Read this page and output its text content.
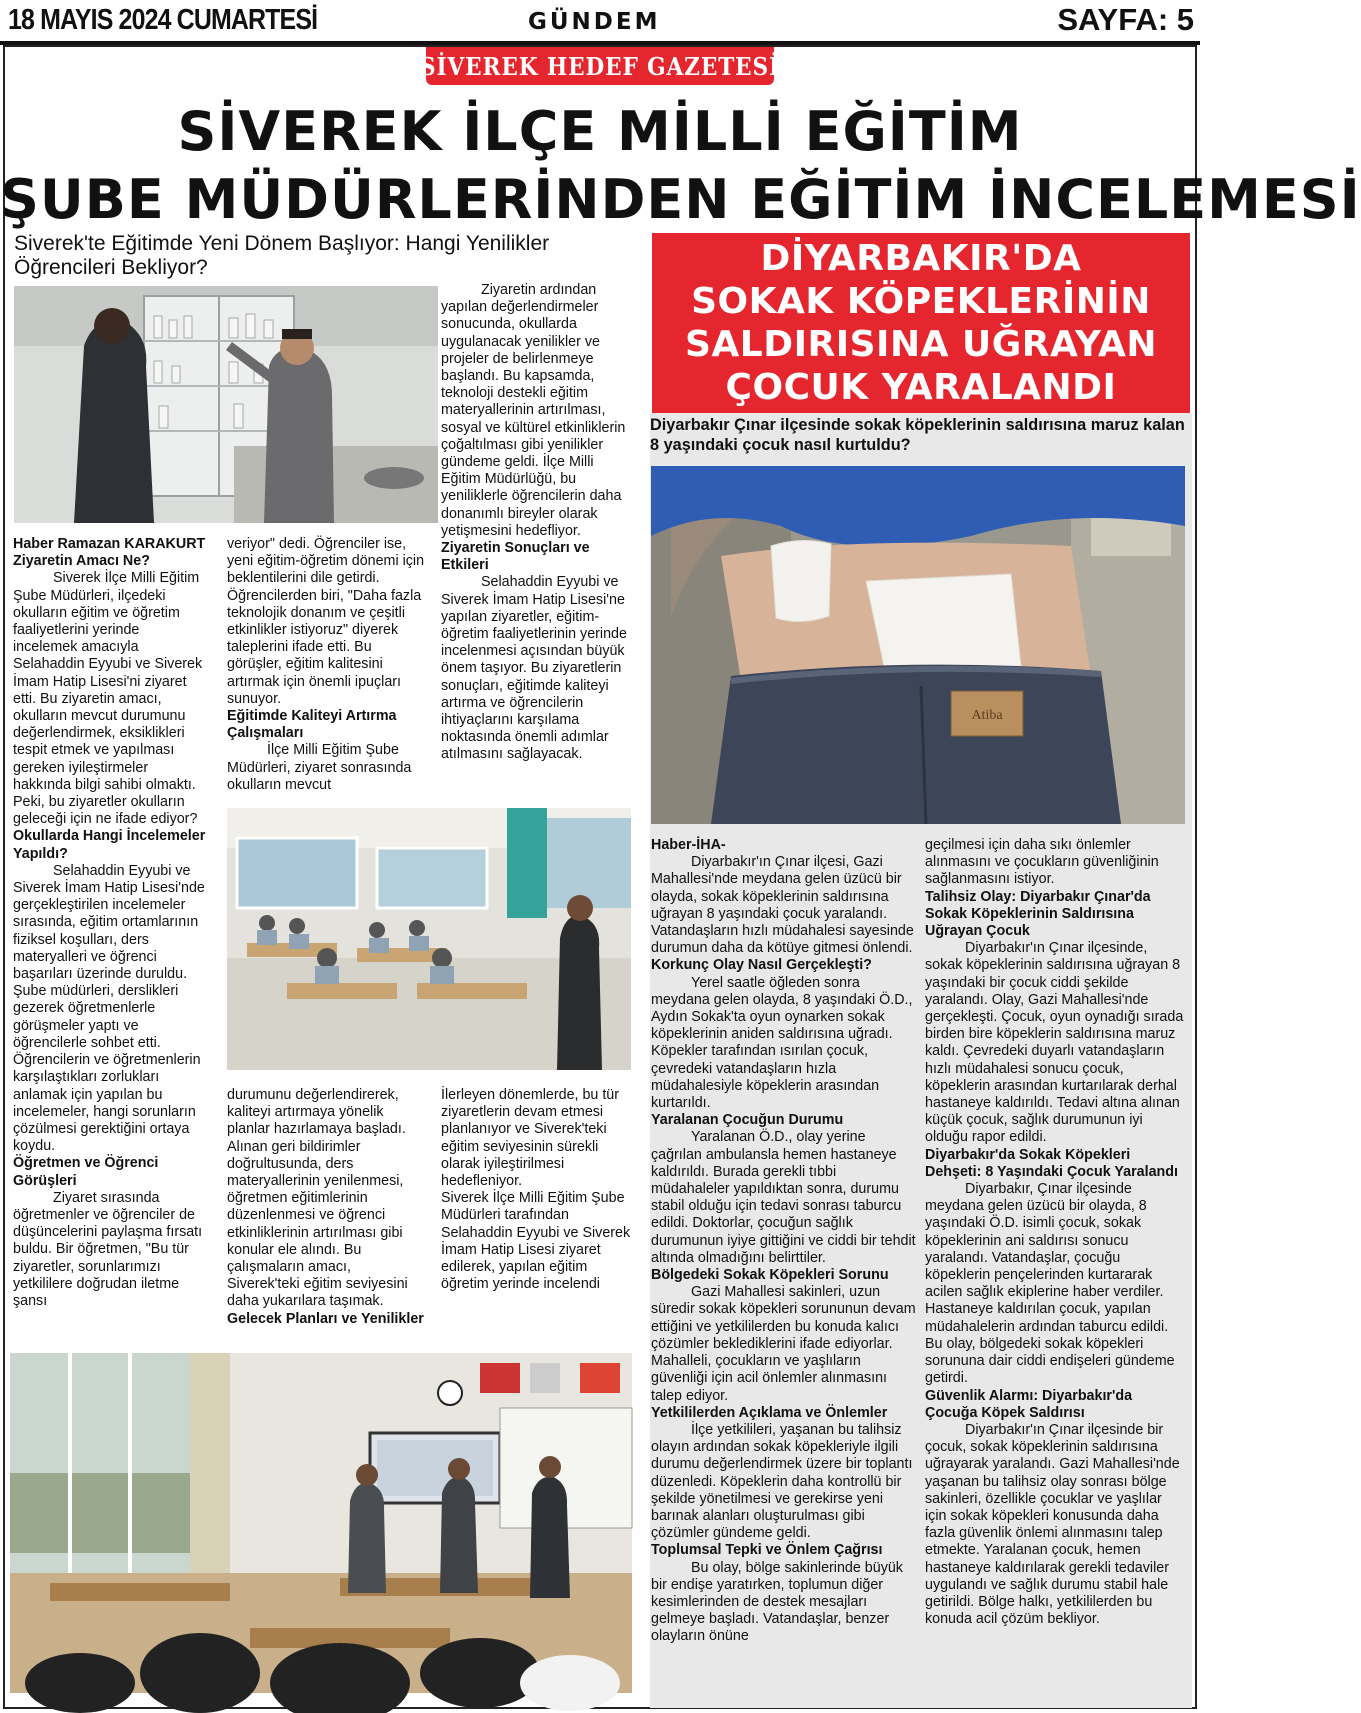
18 MAYIS 2024 CUMARTESİ	GÜNDEM	SAYFA: 5
SİVEREK HEDEF GAZETESİ
SİVEREK İLÇE MİLLİ EĞİTİM
ŞUBE MÜDÜRLERİNDEN EĞİTİM İNCELEMESİ
Siverek'te Eğitimde Yeni Dönem Başlıyor: Hangi Yenilikler Öğrencileri Bekliyor?
Haber Ramazan KARAKURT
Ziyaretin Amacı Ne?

Siverek İlçe Milli Eğitim Şube Müdürleri, ilçedeki okulların eğitim ve öğretim faaliyetlerini yerinde incelemek amacıyla Selahaddin Eyyubi ve Siverek İmam Hatip Lisesi'ni ziyaret etti. Bu ziyaretin amacı, okulların mevcut durumunu değerlendirmek, eksiklikleri tespit etmek ve yapılması gereken iyileştirmeler hakkında bilgi sahibi olmaktı. Peki, bu ziyaretler okulların geleceği için ne ifade ediyor?

Okullarda Hangi İncelemeler Yapıldı?

Selahaddin Eyyubi ve Siverek İmam Hatip Lisesi'nde gerçekleştirilen incelemeler sırasında, eğitim ortamlarının fiziksel koşulları, ders materyalleri ve öğrenci başarıları üzerinde duruldu. Şube müdürleri, derslikleri gezerek öğretmenlerle görüşmeler yaptı ve öğrencilerle sohbet etti. Öğrencilerin ve öğretmenlerin karşılaştıkları zorlukları anlamak için yapılan bu incelemeler, hangi sorunların çözülmesi gerektiğini ortaya koydu.

Öğretmen ve Öğrenci Görüşleri

Ziyaret sırasında öğretmenler ve öğrenciler de düşüncelerini paylaşma fırsatı buldu. Bir öğretmen, "Bu tür ziyaretler, sorunlarımızı yetkililere doğrudan iletme şansı

veriyor" dedi. Öğrenciler ise, yeni eğitim-öğretim dönemi için beklentilerini dile getirdi. Öğrencilerden biri, "Daha fazla teknolojik donanım ve çeşitli etkinlikler istiyoruz" diyerek taleplerini ifade etti. Bu görüşler, eğitim kalitesini artırmak için önemli ipuçları sunuyor.

Eğitimde Kaliteyi Artırma Çalışmaları

İlçe Milli Eğitim Şube Müdürleri, ziyaret sonrasında okulların mevcut

durumunu değerlendirerek, kaliteyi artırmaya yönelik planlar hazırlamaya başladı. Alınan geri bildirimler doğrultusunda, ders materyallerinin yenilenmesi, öğretmen eğitimlerinin düzenlenmesi ve öğrenci etkinliklerinin artırılması gibi konular ele alındı. Bu çalışmaların amacı, Siverek'teki eğitim seviyesini daha yukarılara taşımak.

Gelecek Planları ve Yenilikler

Ziyaretin ardından yapılan değerlendirmeler sonucunda, okullarda uygulanacak yenilikler ve projeler de belirlenmeye başlandı. Bu kapsamda, teknoloji destekli eğitim materyallerinin artırılması, sosyal ve kültürel etkinliklerin çoğaltılması gibi yenilikler gündeme geldi. İlçe Milli Eğitim Müdürlüğü, bu yeniliklerle öğrencilerin daha donanımlı bireyler olarak yetişmesini hedefliyor.

Ziyaretin Sonuçları ve Etkileri

Selahaddin Eyyubi ve Siverek İmam Hatip Lisesi'ne yapılan ziyaretler, eğitim-öğretim faaliyetlerinin yerinde incelenmesi açısından büyük önem taşıyor. Bu ziyaretlerin sonuçları, eğitimde kaliteyi artırma ve öğrencilerin ihtiyaçlarını karşılama noktasında önemli adımlar atılmasını sağlayacak.

İlerleyen dönemlerde, bu tür ziyaretlerin devam etmesi planlanıyor ve Siverek'teki eğitim seviyesinin sürekli olarak iyileştirilmesi hedefleniyor.

Siverek İlçe Milli Eğitim Şube Müdürleri tarafından Selahaddin Eyyubi ve Siverek İmam Hatip Lisesi ziyaret edilerek, yapılan eğitim öğretim yerinde incelendi

DİYARBAKIR'DA
SOKAK KÖPEKLERİNİN
SALDIRISINA UĞRAYAN
ÇOCUK YARALANDI
Diyarbakır Çınar ilçesinde sokak köpeklerinin saldırısına maruz kalan 8 yaşındaki çocuk nasıl kurtuldu?
Atiba
Haber-İHA-

Diyarbakır'ın Çınar ilçesi, Gazi Mahallesi'nde meydana gelen üzücü bir olayda, sokak köpeklerinin saldırısına uğrayan 8 yaşındaki çocuk yaralandı. Vatandaşların hızlı müdahalesi sayesinde durumun daha da kötüye gitmesi önlendi.

Korkunç Olay Nasıl Gerçekleşti?

Yerel saatle öğleden sonra meydana gelen olayda, 8 yaşındaki Ö.D., Aydın Sokak'ta oyun oynarken sokak köpeklerinin aniden saldırısına uğradı. Köpekler tarafından ısırılan çocuk, çevredeki vatandaşların hızla müdahalesiyle köpeklerin arasından kurtarıldı.

Yaralanan Çocuğun Durumu

Yaralanan Ö.D., olay yerine çağrılan ambulansla hemen hastaneye kaldırıldı. Burada gerekli tıbbi müdahaleler yapıldıktan sonra, durumu stabil olduğu için tedavi sonrası taburcu edildi. Doktorlar, çocuğun sağlık durumunun iyiye gittiğini ve ciddi bir tehdit altında olmadığını belirttiler.

Bölgedeki Sokak Köpekleri Sorunu

Gazi Mahallesi sakinleri, uzun süredir sokak köpekleri sorununun devam ettiğini ve yetkililerden bu konuda kalıcı çözümler beklediklerini ifade ediyorlar. Mahalleli, çocukların ve yaşlıların güvenliği için acil önlemler alınmasını talep ediyor.

Yetkililerden Açıklama ve Önlemler

İlçe yetkilileri, yaşanan bu talihsiz olayın ardından sokak köpekleriyle ilgili durumu değerlendirmek üzere bir toplantı düzenledi. Köpeklerin daha kontrollü bir şekilde yönetilmesi ve gerekirse yeni barınak alanları oluşturulması gibi çözümler gündeme geldi.

Toplumsal Tepki ve Önlem Çağrısı

Bu olay, bölge sakinlerinde büyük bir endişe yaratırken, toplumun diğer kesimlerinden de destek mesajları gelmeye başladı. Vatandaşlar, benzer olayların önüne

geçilmesi için daha sıkı önlemler alınmasını ve çocukların güvenliğinin sağlanmasını istiyor.

Talihsiz Olay: Diyarbakır Çınar'da Sokak Köpeklerinin Saldırısına Uğrayan Çocuk

Diyarbakır'ın Çınar ilçesinde, sokak köpeklerinin saldırısına uğrayan 8 yaşındaki bir çocuk ciddi şekilde yaralandı. Olay, Gazi Mahallesi'nde gerçekleşti. Çocuk, oyun oynadığı sırada birden bire köpeklerin saldırısına maruz kaldı. Çevredeki duyarlı vatandaşların hızlı müdahalesi sonucu çocuk, köpeklerin arasından kurtarılarak derhal hastaneye kaldırıldı. Tedavi altına alınan küçük çocuk, sağlık durumunun iyi olduğu rapor edildi.

Diyarbakır'da Sokak Köpekleri Dehşeti: 8 Yaşındaki Çocuk Yaralandı

Diyarbakır, Çınar ilçesinde meydana gelen üzücü bir olayda, 8 yaşındaki Ö.D. isimli çocuk, sokak köpeklerinin ani saldırısı sonucu yaralandı. Vatandaşlar, çocuğu köpeklerin pençelerinden kurtararak acilen sağlık ekiplerine haber verdiler. Hastaneye kaldırılan çocuk, yapılan müdahalelerin ardından taburcu edildi. Bu olay, bölgedeki sokak köpekleri sorununa dair ciddi endişeleri gündeme getirdi.

Güvenlik Alarmı: Diyarbakır'da Çocuğa Köpek Saldırısı

Diyarbakır'ın Çınar ilçesinde bir çocuk, sokak köpeklerinin saldırısına uğrayarak yaralandı. Gazi Mahallesi'nde yaşanan bu talihsiz olay sonrası bölge sakinleri, özellikle çocuklar ve yaşlılar için sokak köpekleri konusunda daha fazla güvenlik önlemi alınmasını talep etmekte. Yaralanan çocuk, hemen hastaneye kaldırılarak gerekli tedaviler uygulandı ve sağlık durumu stabil hale getirildi. Bölge halkı, yetkililerden bu konuda acil çözüm bekliyor.
